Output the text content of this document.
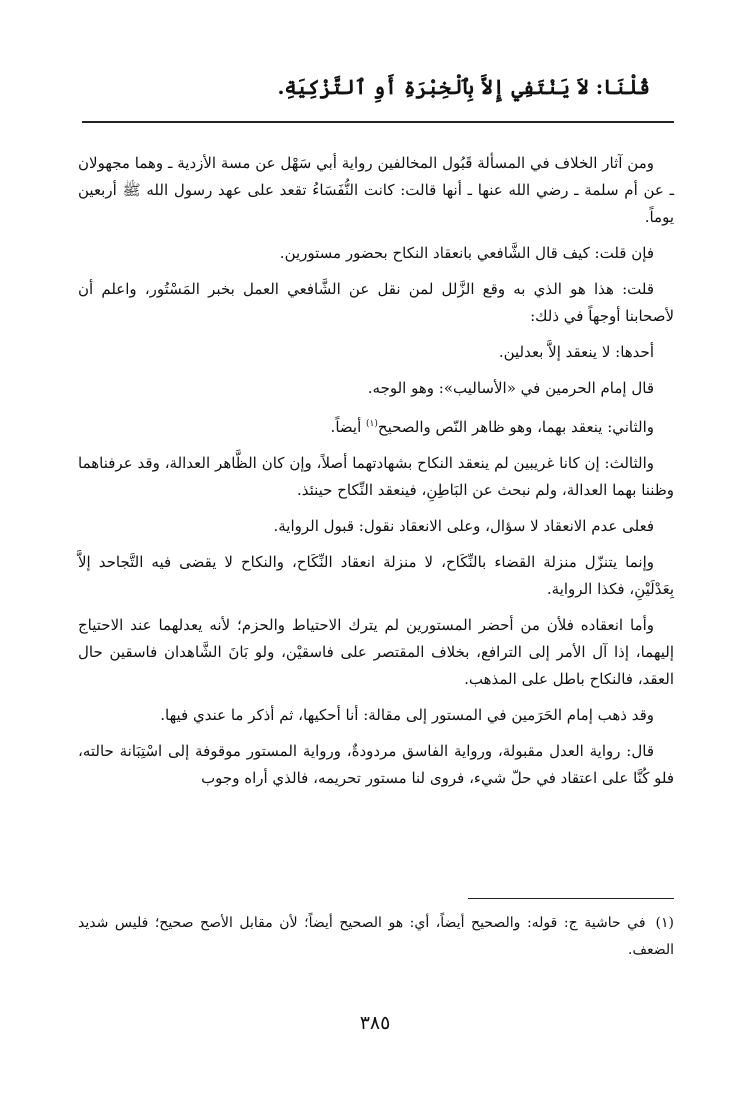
قُلْنَا: لاَ يَنْتَفِي إِلاَّ بِٱلْخِبْرَةِ أَوِ ٱلتَّزْكِيَةِ.

ومن آثار الخلاف في المسألة قَبُول المخالفين رواية أبي سَهْل عن مسة الأزدية ـ وهما مجهولان ـ عن أم سلمة ـ رضي الله عنها ـ أنها قالت: كانت النُّفَسَاءُ تقعد على عهد رسول الله ﷺ أربعين يوماً.

فإن قلت: كيف قال الشَّافعي بانعقاد النكاح بحضور مستورين.

قلت: هذا هو الذي به وقع الزَّلل لمن نقل عن الشَّافعي العمل بخبر المَسْتُور، واعلم أن لأصحابنا أوجهاً في ذلك:

أحدها: لا ينعقد إلاَّ بعدلين.

قال إمام الحرمين في «الأساليب»: وهو الوجه.

والثاني: ينعقد بهما، وهو ظاهر النّص والصحيح$^{(١)}$ أيضاً.

والثالث: إن كانا غريبين لم ينعقد النكاح بشهادتهما أصلاً، وإن كان الظَّاهر العدالة، وقد عرفناهما وظننا بهما العدالة، ولم نبحث عن البَاطِنِ، فينعقد النِّكاح حينئذ.

فعلى عدم الانعقاد لا سؤال، وعلى الانعقاد نقول: قبول الرواية.

وإنما يتنزّل منزلة القضاء بالنِّكَاح، لا منزلة انعقاد النِّكَاح، والنكاح لا يقضى فيه التَّجاحد إلاَّ بِعَدْلَيْنِ، فكذا الرواية.

وأما انعقاده فلأن من أحضر المستورين لم يترك الاحتياط والحزم؛ لأنه يعدلهما عند الاحتياج إليهما، إذا آل الأمر إلى الترافع، بخلاف المقتصر على فاسقيْن، ولو بَانَ الشَّاهدان فاسقين حال العقد، فالنكاح باطل على المذهب.

وقد ذهب إمام الحَرَمين في المستور إلى مقالة: أنا أحكيها، ثم أذكر ما عندي فيها.

قال: رواية العدل مقبولة، ورواية الفاسق مردودةٌ، ورواية المستور موقوفة إلى اسْتِبَانة حالته، فلو كُنَّا على اعتقاد في حلّ شيء، فروى لنا مستور تحريمه، فالذي أراه وجوب

(١)في حاشية ج: قوله: والصحيح أيضاً، أي: هو الصحيح أيضاً؛ لأن مقابل الأصح صحيح؛ فليس شديد الضعف.
٣٨٥
